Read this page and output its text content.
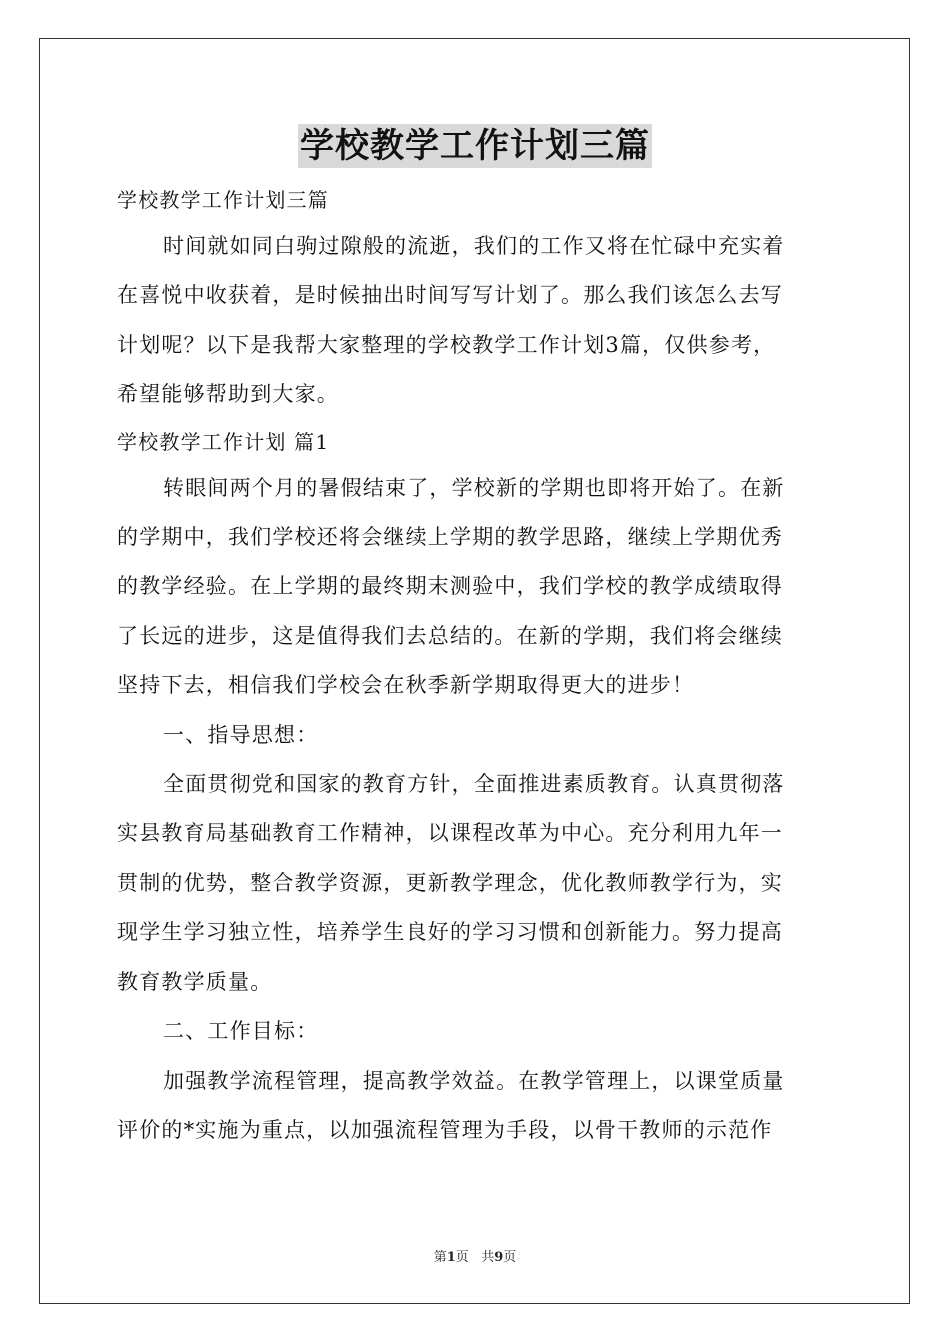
学校教学工作计划三篇
学校教学工作计划三篇
时间就如同白驹过隙般的流逝，我们的工作又将在忙碌中充实着
在喜悦中收获着，是时候抽出时间写写计划了。那么我们该怎么去写
计划呢？以下是我帮大家整理的学校教学工作计划3篇，仅供参考，
希望能够帮助到大家。
学校教学工作计划 篇1
转眼间两个月的暑假结束了，学校新的学期也即将开始了。在新
的学期中，我们学校还将会继续上学期的教学思路，继续上学期优秀
的教学经验。在上学期的最终期末测验中，我们学校的教学成绩取得
了长远的进步，这是值得我们去总结的。在新的学期，我们将会继续
坚持下去，相信我们学校会在秋季新学期取得更大的进步！
一、指导思想：
全面贯彻党和国家的教育方针，全面推进素质教育。认真贯彻落
实县教育局基础教育工作精神，以课程改革为中心。充分利用九年一
贯制的优势，整合教学资源，更新教学理念，优化教师教学行为，实
现学生学习独立性，培养学生良好的学习习惯和创新能力。努力提高
教育教学质量。
二、工作目标：
加强教学流程管理，提高教学效益。在教学管理上，以课堂质量
评价的*实施为重点，以加强流程管理为手段，以骨干教师的示范作
第1页 共9页
